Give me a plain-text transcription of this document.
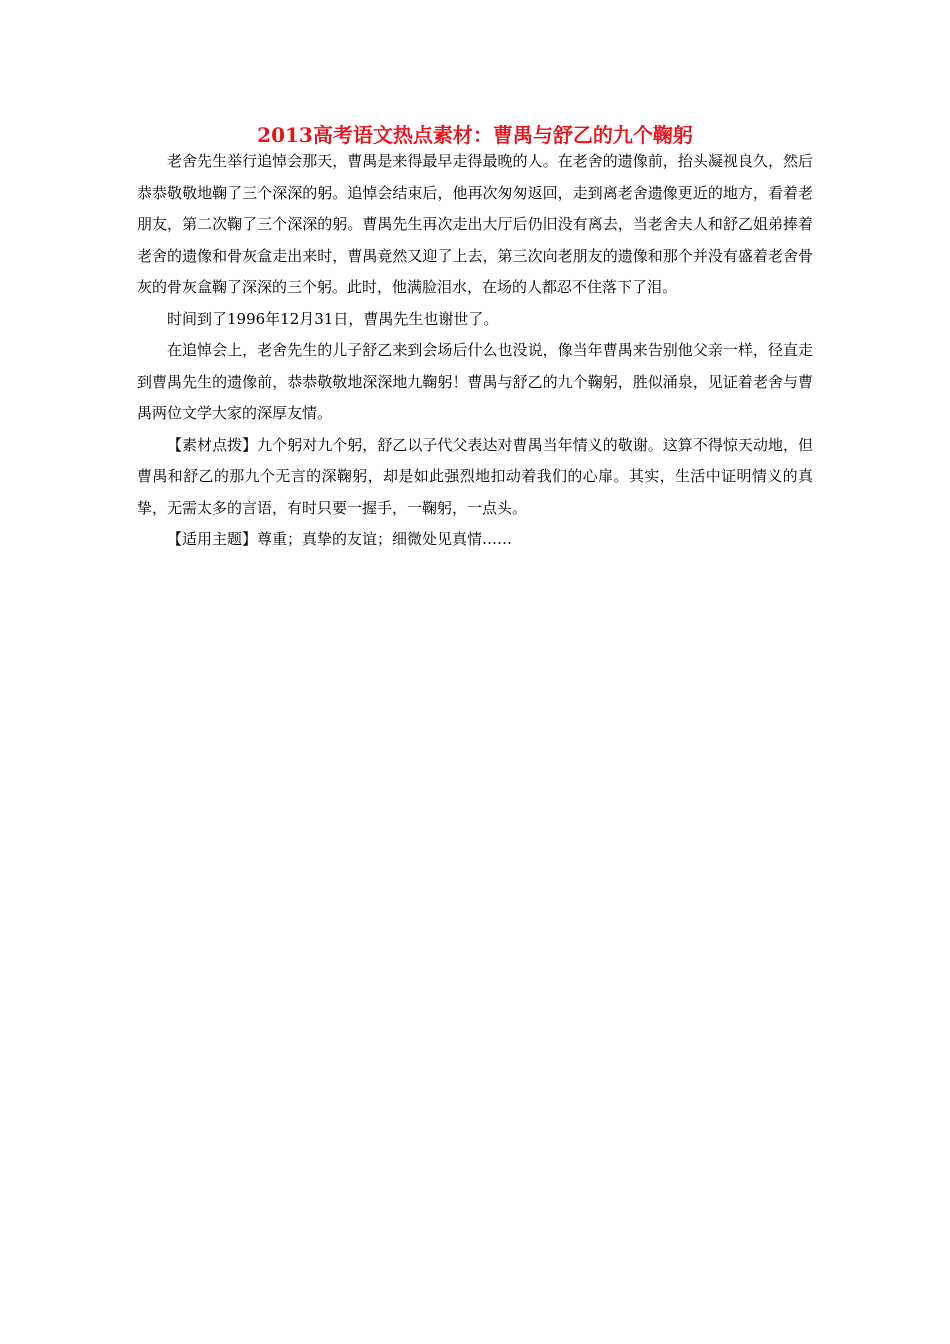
2013高考语文热点素材：曹禺与舒乙的九个鞠躬

老舍先生举行追悼会那天，曹禺是来得最早走得最晚的人。在老舍的遗像前，抬头凝视良久，然后恭恭敬敬地鞠了三个深深的躬。追悼会结束后，他再次匆匆返回，走到离老舍遗像更近的地方，看着老朋友，第二次鞠了三个深深的躬。曹禺先生再次走出大厅后仍旧没有离去，当老舍夫人和舒乙姐弟捧着老舍的遗像和骨灰盒走出来时，曹禺竟然又迎了上去，第三次向老朋友的遗像和那个并没有盛着老舍骨灰的骨灰盒鞠了深深的三个躬。此时，他满脸泪水，在场的人都忍不住落下了泪。

时间到了1996年12月31日，曹禺先生也谢世了。

在追悼会上，老舍先生的儿子舒乙来到会场后什么也没说，像当年曹禺来告别他父亲一样，径直走到曹禺先生的遗像前，恭恭敬敬地深深地九鞠躬！曹禺与舒乙的九个鞠躬，胜似涌泉，见证着老舍与曹禺两位文学大家的深厚友情。

【素材点拨】九个躬对九个躬，舒乙以子代父表达对曹禺当年情义的敬谢。这算不得惊天动地，但曹禺和舒乙的那九个无言的深鞠躬，却是如此强烈地扣动着我们的心扉。其实，生活中证明情义的真挚，无需太多的言语，有时只要一握手，一鞠躬，一点头。

【适用主题】尊重；真挚的友谊；细微处见真情……
